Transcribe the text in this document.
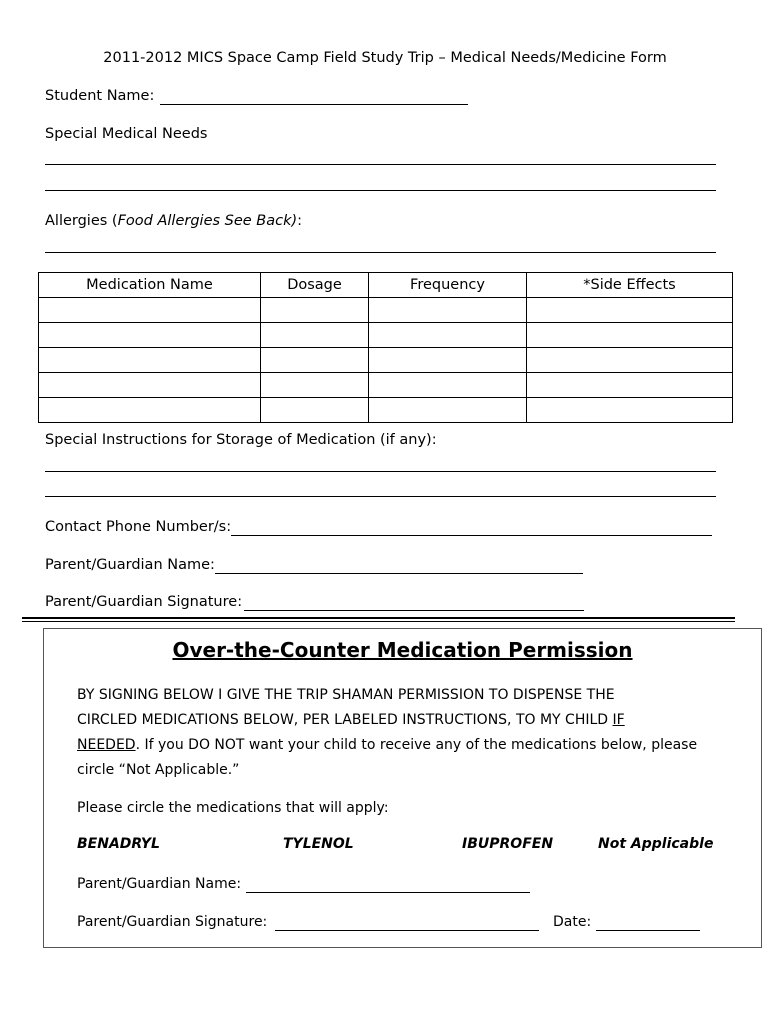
2011-2012 MICS Space Camp Field Study Trip – Medical Needs/Medicine Form
Student Name:
Special Medical Needs
Allergies (Food Allergies See Back):
Medication Name	Dosage	Frequency	*Side Effects

Special Instructions for Storage of Medication (if any):
Contact Phone Number/s:
Parent/Guardian Name:
Parent/Guardian Signature:
Over-the-Counter Medication Permission
BY SIGNING BELOW I GIVE THE TRIP SHAMAN PERMISSION TO DISPENSE THE
CIRCLED MEDICATIONS BELOW, PER LABELED INSTRUCTIONS, TO MY CHILD IF
NEEDED. If you DO NOT want your child to receive any of the medications below, please
circle “Not Applicable.”
Please circle the medications that will apply:
BENADRYL	TYLENOL	IBUPROFEN	Not Applicable
Parent/Guardian Name:
Parent/Guardian Signature:	Date:
